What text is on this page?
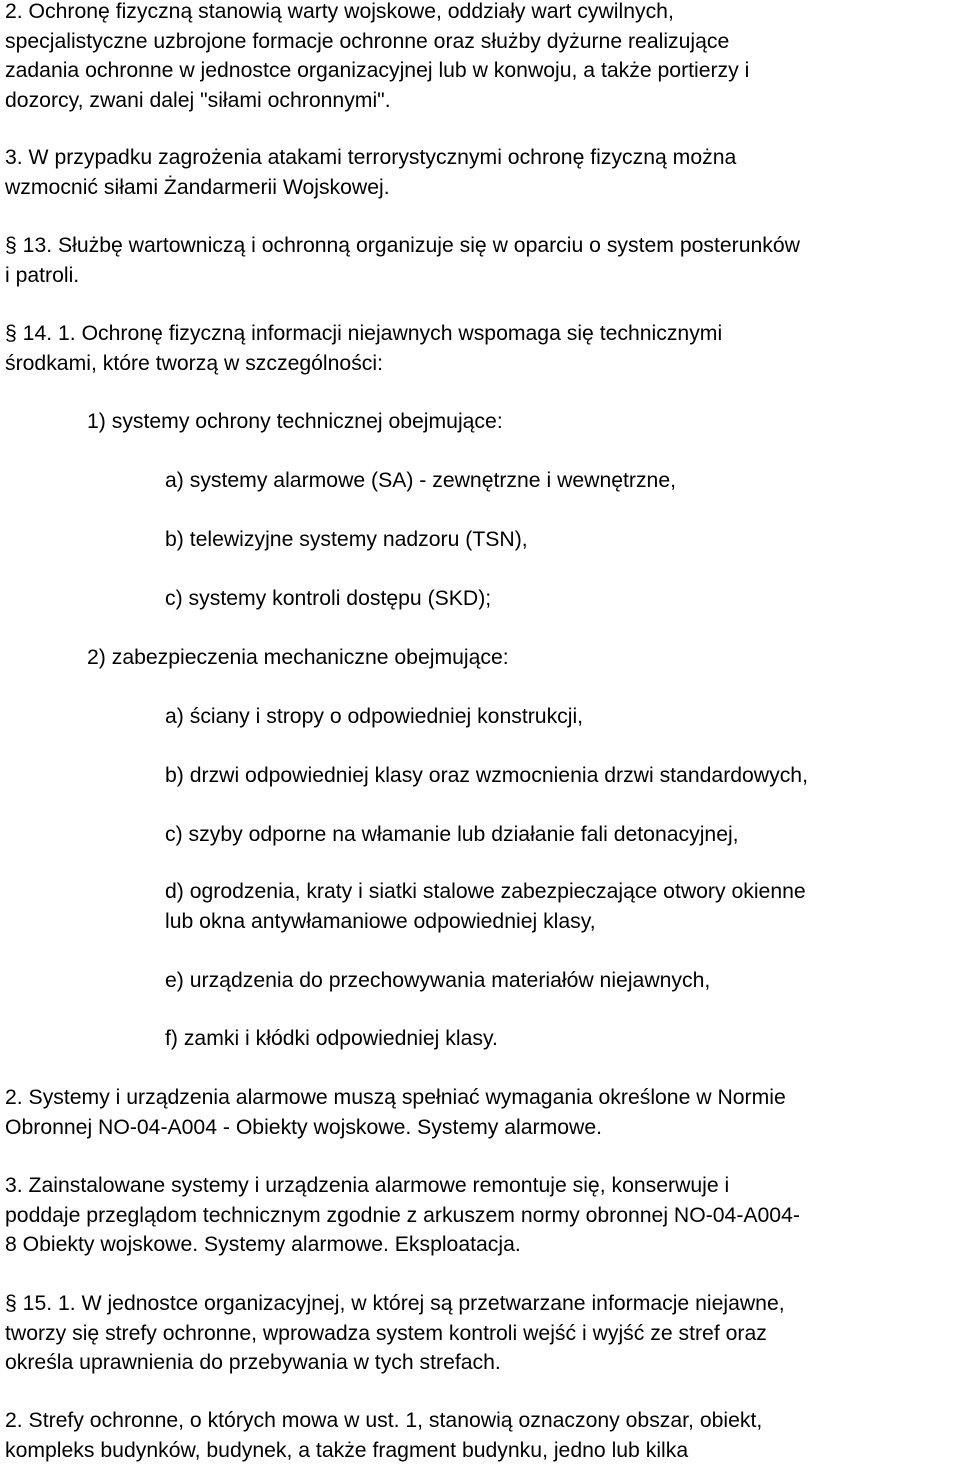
2. Ochronę fizyczną stanowią warty wojskowe, oddziały wart cywilnych,
specjalistyczne uzbrojone formacje ochronne oraz służby dyżurne realizujące
zadania ochronne w jednostce organizacyjnej lub w konwoju, a także portierzy i
dozorcy, zwani dalej "siłami ochronnymi".
3. W przypadku zagrożenia atakami terrorystycznymi ochronę fizyczną można
wzmocnić siłami Żandarmerii Wojskowej.
§ 13. Służbę wartowniczą i ochronną organizuje się w oparciu o system posterunków
i patroli.
§ 14. 1. Ochronę fizyczną informacji niejawnych wspomaga się technicznymi
środkami, które tworzą w szczególności:
1) systemy ochrony technicznej obejmujące:
a) systemy alarmowe (SA) - zewnętrzne i wewnętrzne,
b) telewizyjne systemy nadzoru (TSN),
c) systemy kontroli dostępu (SKD);
2) zabezpieczenia mechaniczne obejmujące:
a) ściany i stropy o odpowiedniej konstrukcji,
b) drzwi odpowiedniej klasy oraz wzmocnienia drzwi standardowych,
c) szyby odporne na włamanie lub działanie fali detonacyjnej,
d) ogrodzenia, kraty i siatki stalowe zabezpieczające otwory okienne
lub okna antywłamaniowe odpowiedniej klasy,
e) urządzenia do przechowywania materiałów niejawnych,
f) zamki i kłódki odpowiedniej klasy.
2. Systemy i urządzenia alarmowe muszą spełniać wymagania określone w Normie
Obronnej NO-04-A004 - Obiekty wojskowe. Systemy alarmowe.
3. Zainstalowane systemy i urządzenia alarmowe remontuje się, konserwuje i
poddaje przeglądom technicznym zgodnie z arkuszem normy obronnej NO-04-A004-
8 Obiekty wojskowe. Systemy alarmowe. Eksploatacja.
§ 15. 1. W jednostce organizacyjnej, w której są przetwarzane informacje niejawne,
tworzy się strefy ochronne, wprowadza system kontroli wejść i wyjść ze stref oraz
określa uprawnienia do przebywania w tych strefach.
2. Strefy ochronne, o których mowa w ust. 1, stanowią oznaczony obszar, obiekt,
kompleks budynków, budynek, a także fragment budynku, jedno lub kilka
